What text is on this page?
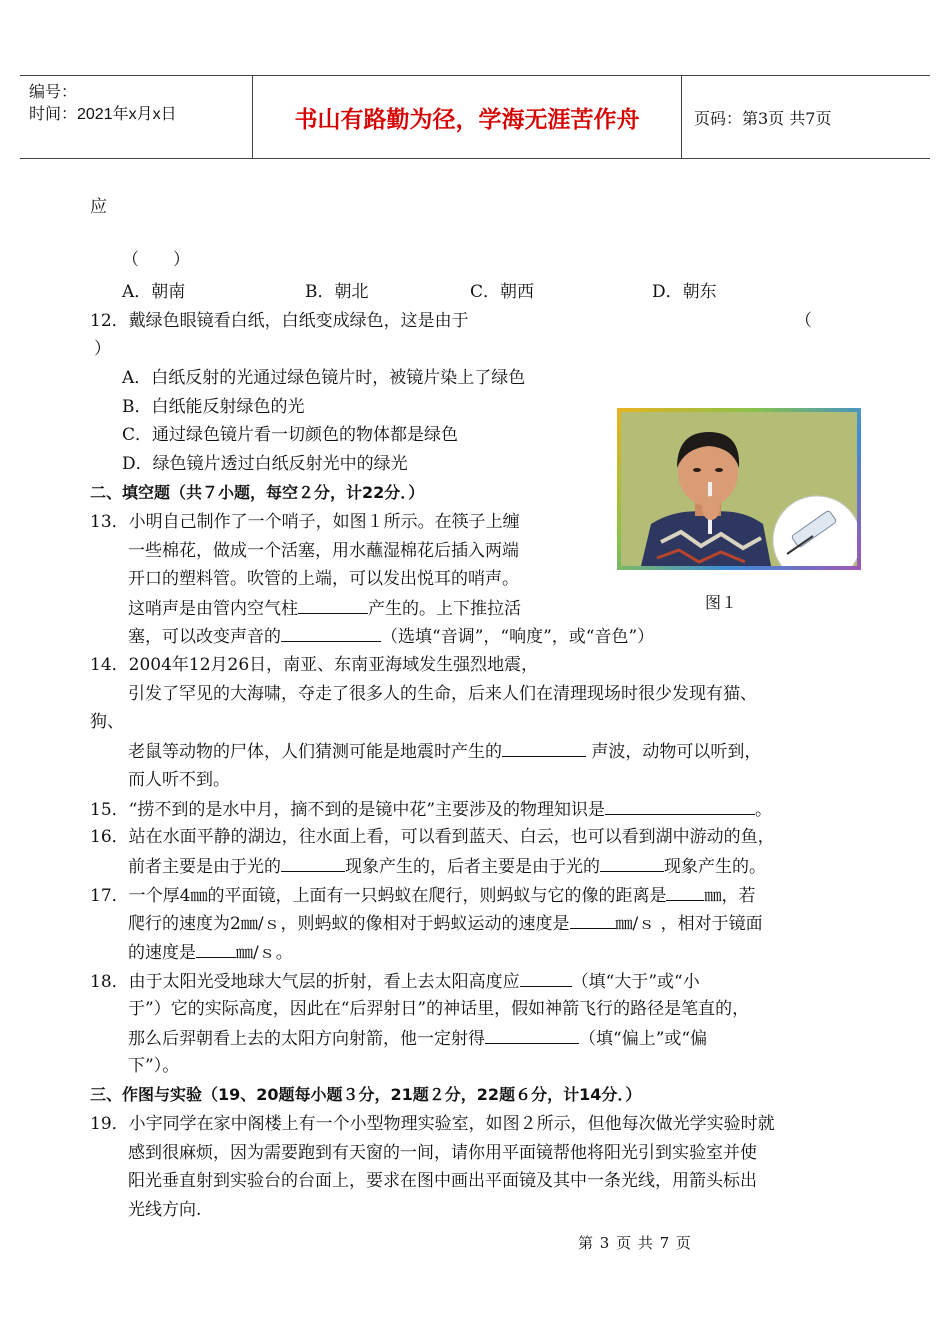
编号：
时间：2021年x月x日	书山有路勤为径，学海无涯苦作舟	页码：第3页 共7页
应
（　　）
A．朝南	B．朝北	C．朝西	D．朝东
12．戴绿色眼镜看白纸，白纸变成绿色，这是由于	（
）
A．白纸反射的光通过绿色镜片时，被镜片染上了绿色
B．白纸能反射绿色的光
C．通过绿色镜片看一切颜色的物体都是绿色
D．绿色镜片透过白纸反射光中的绿光
二、填空题（共７小题，每空２分，计22分．）
13．小明自己制作了一个哨子，如图１所示。在筷子上缠
一些棉花，做成一个活塞，用水蘸湿棉花后插入两端
开口的塑料管。吹管的上端，可以发出悦耳的哨声。
这哨声是由管内空气柱	产生的。上下推拉活
塞，可以改变声音的	（选填“音调”，“响度”，或“音色”）
图１
14．2004年12月26日，南亚、东南亚海域发生强烈地震，
引发了罕见的大海啸，夺走了很多人的生命，后来人们在清理现场时很少发现有猫、
狗、
老鼠等动物的尸体，人们猜测可能是地震时产生的	声波，动物可以听到，
而人听不到。
15．“捞不到的是水中月，摘不到的是镜中花”主要涉及的物理知识是	。
16．站在水面平静的湖边，往水面上看，可以看到蓝天、白云，也可以看到湖中游动的鱼，
前者主要是由于光的	现象产生的，后者主要是由于光的	现象产生的。
17．一个厚4㎜的平面镜，上面有一只蚂蚁在爬行，则蚂蚁与它的像的距离是 ㎜，若
爬行的速度为2㎜/ｓ，则蚂蚁的像相对于蚂蚁运动的速度是	㎜/ｓ ，相对于镜面
的速度是 ㎜/ｓ。
18．由于太阳光受地球大气层的折射，看上去太阳高度应	（填“大于”或“小
于”）它的实际高度，因此在“后羿射日”的神话里，假如神箭飞行的路径是笔直的，
那么后羿朝看上去的太阳方向射箭，他一定射得	（填“偏上”或“偏
下”）。
三、作图与实验（19、20题每小题３分，21题２分，22题６分，计14分．）
19．小宇同学在家中阁楼上有一个小型物理实验室，如图２所示，但他每次做光学实验时就
感到很麻烦，因为需要跑到有天窗的一间，请你用平面镜帮他将阳光引到实验室并使
阳光垂直射到实验台的台面上，要求在图中画出平面镜及其中一条光线，用箭头标出
光线方向.
第 3 页 共 7 页
